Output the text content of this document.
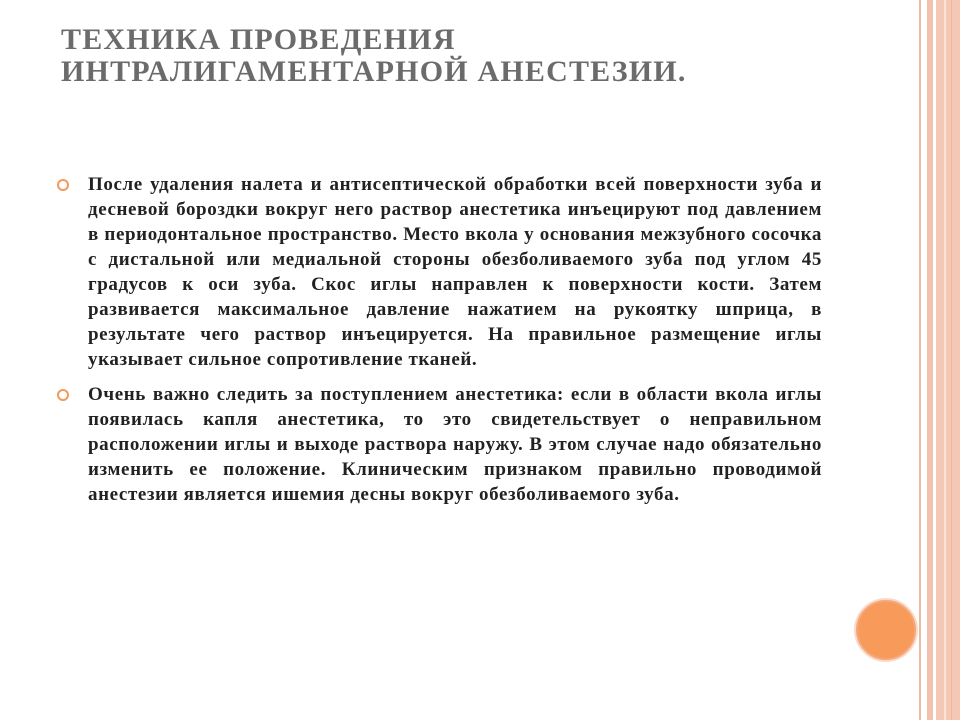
ТЕХНИКА ПРОВЕДЕНИЯ
ИНТРАЛИГАМЕНТАРНОЙ АНЕСТЕЗИИ.

После удаления налета и антисептической обработки всей поверхности зуба и десневой бороздки вокруг него раствор анестетика инъецируют под давлением в периодонтальное пространство. Место вкола у основания межзубного сосочка с дистальной или медиальной стороны обезболиваемого зуба под углом 45 градусов к оси зуба. Скос иглы направлен к поверхности кости. Затем развивается максимальное давление нажатием на рукоятку шприца, в результате чего раствор инъецируется. На правильное размещение иглы указывает сильное сопротивление тканей.

Очень важно следить за поступлением анестетика: если в области вкола иглы появилась капля анестетика, то это свидетельствует о неправильном расположении иглы и выходе раствора наружу. В этом случае надо обязательно изменить ее положение. Клиническим признаком правильно проводимой анестезии является ишемия десны вокруг обезболиваемого зуба.
